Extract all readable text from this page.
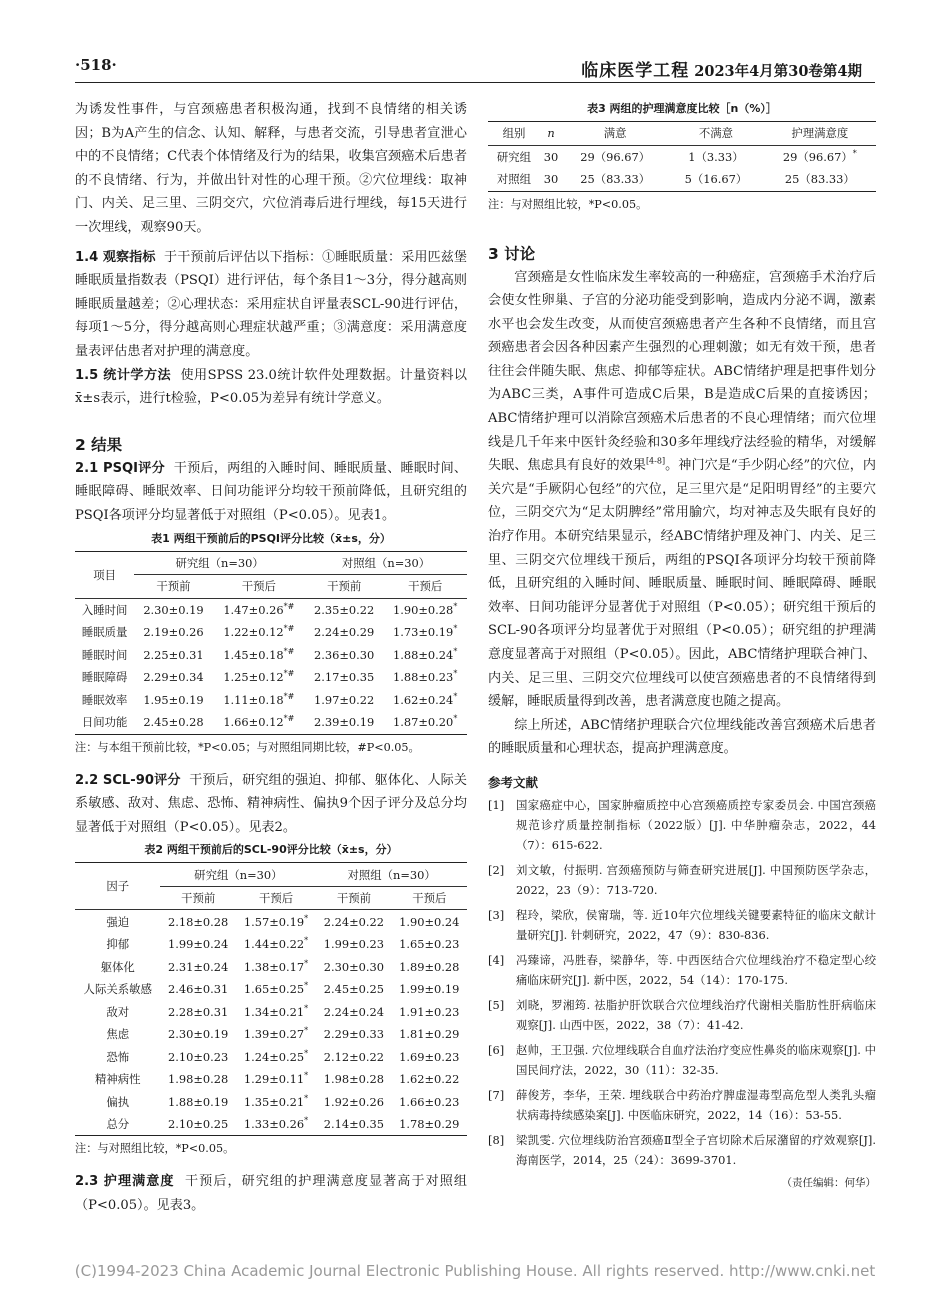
·518·	临床医学工程 2023年4月第30卷第4期

为诱发性事件，与宫颈癌患者积极沟通，找到不良情绪的相关诱因；B为A产生的信念、认知、解释，与患者交流，引导患者宣泄心中的不良情绪；C代表个体情绪及行为的结果，收集宫颈癌术后患者的不良情绪、行为，并做出针对性的心理干预。②穴位埋线：取神门、内关、足三里、三阴交穴，穴位消毒后进行埋线，每15天进行一次埋线，观察90天。

1.4 观察指标 于干预前后评估以下指标：①睡眠质量：采用匹兹堡睡眠质量指数表（PSQI）进行评估，每个条目1～3分，得分越高则睡眠质量越差；②心理状态：采用症状自评量表SCL-90进行评估，每项1～5分，得分越高则心理症状越严重；③满意度：采用满意度量表评估患者对护理的满意度。

1.5 统计学方法 使用SPSS 23.0统计软件处理数据。计量资料以x̄±s表示，进行t检验，P<0.05为差异有统计学意义。

2 结果

2.1 PSQI评分 干预后，两组的入睡时间、睡眠质量、睡眠时间、睡眠障碍、睡眠效率、日间功能评分均较干预前降低，且研究组的PSQI各项评分均显著低于对照组（P<0.05）。见表1。

表1 两组干预前后的PSQI评分比较（x̄±s，分）
项目	研究组（n=30）		对照组（n=30）	
	干预前	干预后	干预前	干预后
入睡时间	2.30±0.19	1.47±0.26*#	2.35±0.22	1.90±0.28*
睡眠质量	2.19±0.26	1.22±0.12*#	2.24±0.29	1.73±0.19*
睡眠时间	2.25±0.31	1.45±0.18*#	2.36±0.30	1.88±0.24*
睡眠障碍	2.29±0.34	1.25±0.12*#	2.17±0.35	1.88±0.23*
睡眠效率	1.95±0.19	1.11±0.18*#	1.97±0.22	1.62±0.24*
日间功能	2.45±0.28	1.66±0.12*#	2.39±0.19	1.87±0.20*
注：与本组干预前比较，*P<0.05；与对照组同期比较，#P<0.05。

2.2 SCL-90评分 干预后，研究组的强迫、抑郁、躯体化、人际关系敏感、敌对、焦虑、恐怖、精神病性、偏执9个因子评分及总分均显著低于对照组（P<0.05）。见表2。

表2 两组干预前后的SCL-90评分比较（x̄±s，分）
因子	研究组（n=30）		对照组（n=30）	
	干预前	干预后	干预前	干预后
强迫	2.18±0.28	1.57±0.19*	2.24±0.22	1.90±0.24
抑郁	1.99±0.24	1.44±0.22*	1.99±0.23	1.65±0.23
躯体化	2.31±0.24	1.38±0.17*	2.30±0.30	1.89±0.28
人际关系敏感	2.46±0.31	1.65±0.25*	2.45±0.25	1.99±0.19
敌对	2.28±0.31	1.34±0.21*	2.24±0.24	1.91±0.23
焦虑	2.30±0.19	1.39±0.27*	2.29±0.33	1.81±0.29
恐怖	2.10±0.23	1.24±0.25*	2.12±0.22	1.69±0.23
精神病性	1.98±0.28	1.29±0.11*	1.98±0.28	1.62±0.22
偏执	1.88±0.19	1.35±0.21*	1.92±0.26	1.66±0.23
总分	2.10±0.25	1.33±0.26*	2.14±0.35	1.78±0.29
注：与对照组比较，*P<0.05。

2.3 护理满意度 干预后，研究组的护理满意度显著高于对照组（P<0.05）。见表3。

表3 两组的护理满意度比较［n（%）］
组别	n	满意	不满意	护理满意度
研究组	30	29（96.67）	1（3.33）	29（96.67）*
对照组	30	25（83.33）	5（16.67）	25（83.33）
注：与对照组比较，*P<0.05。
3 讨论

宫颈癌是女性临床发生率较高的一种癌症，宫颈癌手术治疗后会使女性卵巢、子宫的分泌功能受到影响，造成内分泌不调，激素水平也会发生改变，从而使宫颈癌患者产生各种不良情绪，而且宫颈癌患者会因各种因素产生强烈的心理刺激；如无有效干预，患者往往会伴随失眠、焦虑、抑郁等症状。ABC情绪护理是把事件划分为ABC三类，A事件可造成C后果，B是造成C后果的直接诱因；ABC情绪护理可以消除宫颈癌术后患者的不良心理情绪；而穴位埋线是几千年来中医针灸经验和30多年埋线疗法经验的精华，对缓解失眠、焦虑具有良好的效果[4-8]。神门穴是“手少阴心经”的穴位，内关穴是“手厥阴心包经”的穴位，足三里穴是“足阳明胃经”的主要穴位，三阴交穴为“足太阴脾经”常用腧穴，均对神志及失眠有良好的治疗作用。本研究结果显示，经ABC情绪护理及神门、内关、足三里、三阴交穴位埋线干预后，两组的PSQI各项评分均较干预前降低，且研究组的入睡时间、睡眠质量、睡眠时间、睡眠障碍、睡眠效率、日间功能评分显著优于对照组（P<0.05）；研究组干预后的SCL-90各项评分均显著优于对照组（P<0.05）；研究组的护理满意度显著高于对照组（P<0.05）。因此，ABC情绪护理联合神门、内关、足三里、三阴交穴位埋线可以使宫颈癌患者的不良情绪得到缓解，睡眠质量得到改善，患者满意度也随之提高。

综上所述，ABC情绪护理联合穴位埋线能改善宫颈癌术后患者的睡眠质量和心理状态，提高护理满意度。

参考文献
[1]	国家癌症中心，国家肿瘤质控中心宫颈癌质控专家委员会. 中国宫颈癌规范诊疗质量控制指标（2022版）[J]. 中华肿瘤杂志，2022，44（7）：615-622.
[2]	刘文敏，付振明. 宫颈癌预防与筛查研究进展[J]. 中国预防医学杂志，2022，23（9）：713-720.
[3]	程玲，梁欣，侯甯瑞，等. 近10年穴位埋线关键要素特征的临床文献计量研究[J]. 针刺研究，2022，47（9）：830-836.
[4]	冯臻谛，冯胜春，梁静华，等. 中西医结合穴位埋线治疗不稳定型心绞痛临床研究[J]. 新中医，2022，54（14）：170-175.
[5]	刘晓，罗湘筠. 祛脂护肝饮联合穴位埋线治疗代谢相关脂肪性肝病临床观察[J]. 山西中医，2022，38（7）：41-42.
[6]	赵帅，王卫强. 穴位埋线联合自血疗法治疗变应性鼻炎的临床观察[J]. 中国民间疗法，2022，30（11）：32-35.
[7]	薛俊芳，李华，王荣. 埋线联合中药治疗脾虚湿毒型高危型人类乳头瘤状病毒持续感染案[J]. 中医临床研究，2022，14（16）：53-55.
[8]	梁凯雯. 穴位埋线防治宫颈癌Ⅱ型全子宫切除术后尿潴留的疗效观察[J]. 海南医学，2014，25（24）：3699-3701.
（责任编辑：何华）
(C)1994-2023 China Academic Journal Electronic Publishing House. All rights reserved. http://www.cnki.net
